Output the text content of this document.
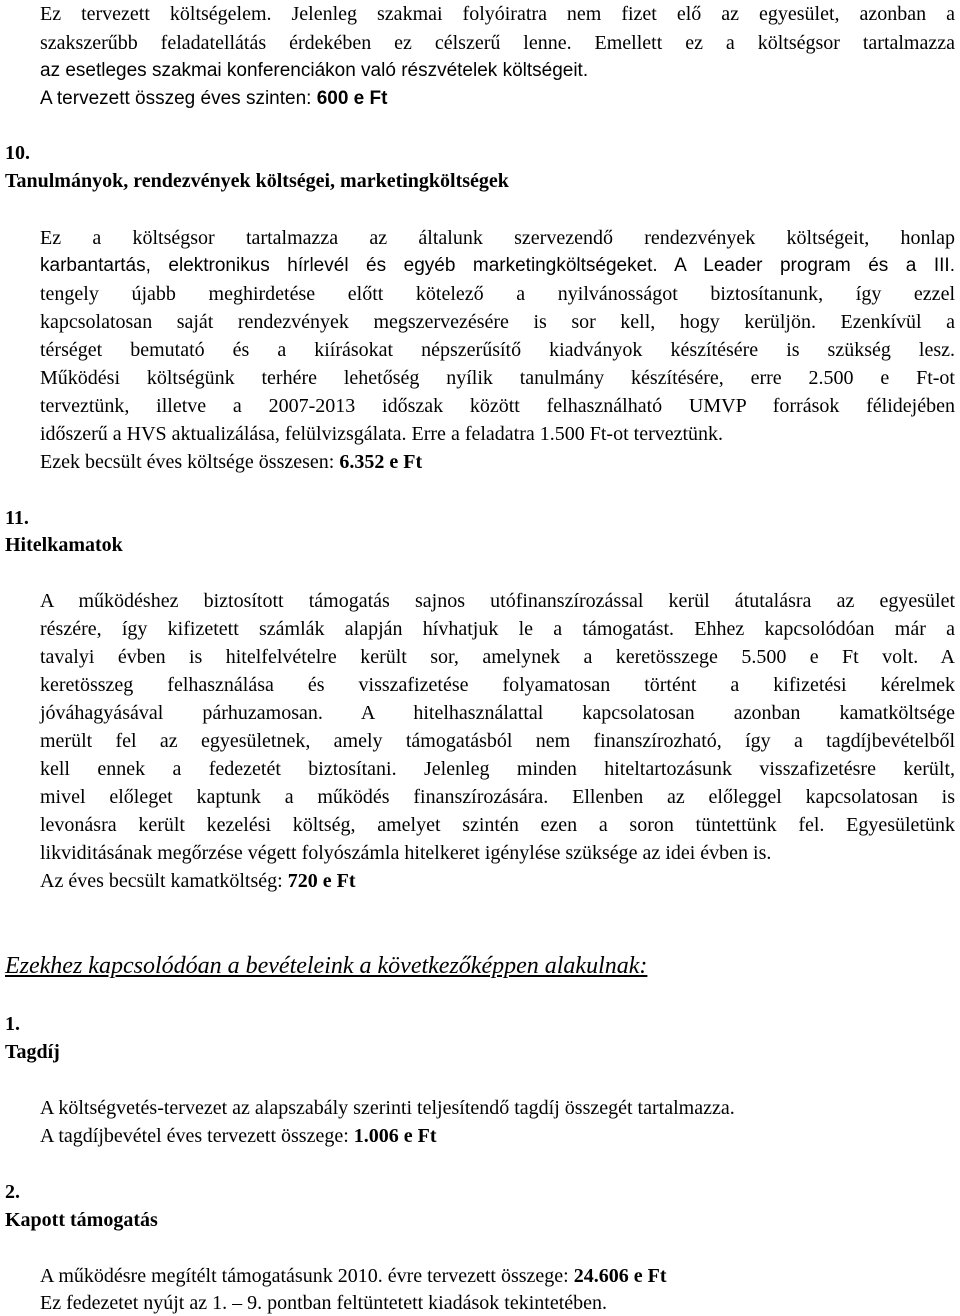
Ez tervezett költségelem. Jelenleg szakmai folyóiratra nem fizet elő az egyesület, azonban a
szakszerűbb feladatellátás érdekében ez célszerű lenne. Emellett ez a költségsor tartalmazza
az esetleges szakmai konferenciákon való részvételek költségeit.
A tervezett összeg éves szinten: 600 e Ft
10.
Tanulmányok, rendezvények költségei, marketingköltségek
Ez a költségsor tartalmazza az általunk szervezendő rendezvények költségeit, honlap
karbantartás, elektronikus hírlevél és egyéb marketingköltségeket. A Leader program és a III.
tengely újabb meghirdetése előtt kötelező a nyilvánosságot biztosítanunk, így ezzel
kapcsolatosan saját rendezvények megszervezésére is sor kell, hogy kerüljön. Ezenkívül a
térséget bemutató és a kiírásokat népszerűsítő kiadványok készítésére is szükség lesz.
Működési költségünk terhére lehetőség nyílik tanulmány készítésére, erre 2.500 e Ft-ot
terveztünk, illetve a 2007-2013 időszak között felhasználható UMVP források félidejében
időszerű a HVS aktualizálása, felülvizsgálata. Erre a feladatra 1.500 Ft-ot terveztünk.
Ezek becsült éves költsége összesen: 6.352 e Ft
11.
Hitelkamatok
A működéshez biztosított támogatás sajnos utófinanszírozással kerül átutalásra az egyesület
részére, így kifizetett számlák alapján hívhatjuk le a támogatást. Ehhez kapcsolódóan már a
tavalyi évben is hitelfelvételre került sor, amelynek a keretösszege 5.500 e Ft volt. A
keretösszeg felhasználása és visszafizetése folyamatosan történt a kifizetési kérelmek
jóváhagyásával párhuzamosan. A hitelhasználattal kapcsolatosan azonban kamatköltsége
merült fel az egyesületnek, amely támogatásból nem finanszírozható, így a tagdíjbevételből
kell ennek a fedezetét biztosítani. Jelenleg minden hiteltartozásunk visszafizetésre került,
mivel előleget kaptunk a működés finanszírozására. Ellenben az előleggel kapcsolatosan is
levonásra került kezelési költség, amelyet szintén ezen a soron tüntettünk fel. Egyesületünk
likviditásának megőrzése végett folyószámla hitelkeret igénylése szüksége az idei évben is.
Az éves becsült kamatköltség: 720 e Ft
Ezekhez kapcsolódóan a bevételeink a következőképpen alakulnak:
1.
Tagdíj
A költségvetés-tervezet az alapszabály szerinti teljesítendő tagdíj összegét tartalmazza.
A tagdíjbevétel éves tervezett összege: 1.006 e Ft
2.
Kapott támogatás
A működésre megítélt támogatásunk 2010. évre tervezett összege: 24.606 e Ft
Ez fedezetet nyújt az 1. – 9. pontban feltüntetett kiadások tekintetében.
